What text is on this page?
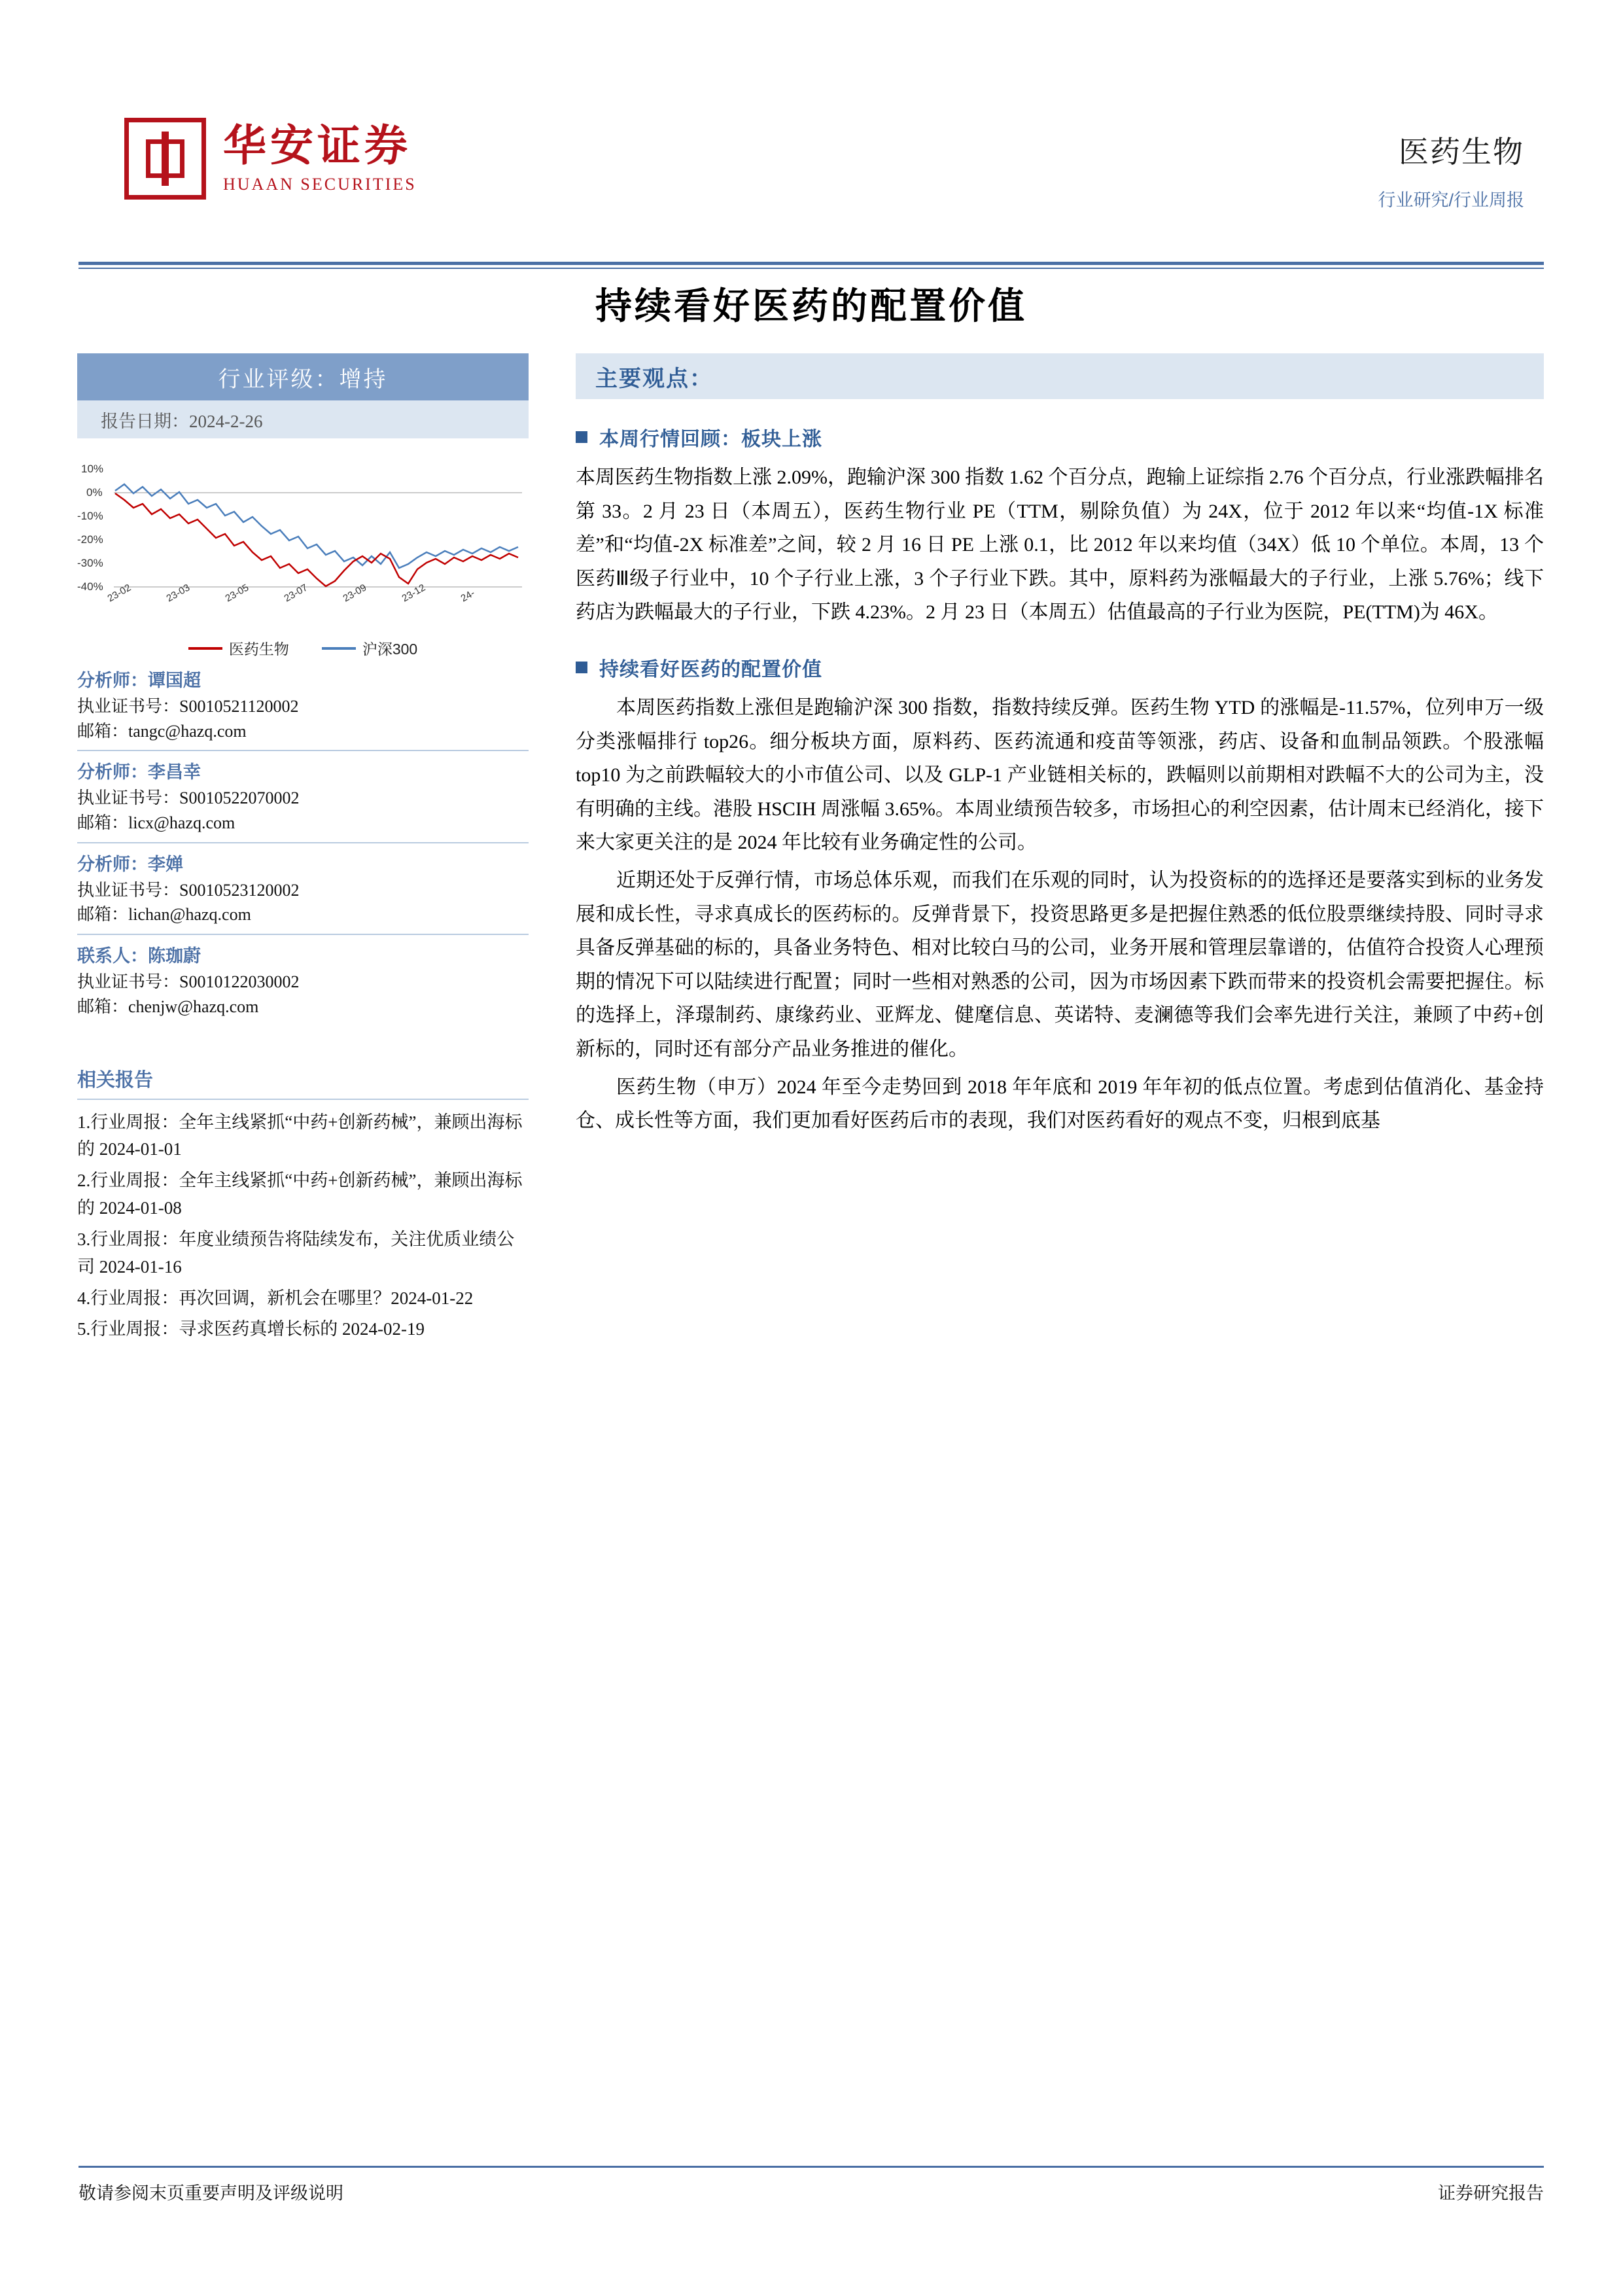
华安证券
HUAAN SECURITIES
医药生物
行业研究/行业周报
持续看好医药的配置价值
行业评级：增持
报告日期：2024-2-26
10%
0%
-10%
-20%
-30%
-40% 23-02	23-03	23-05	23-07	23-09	23-12	24-
医药生物	沪深300
分析师：谭国超
执业证书号：S0010521120002
邮箱：tangc@hazq.com
分析师：李昌幸
执业证书号：S0010522070002
邮箱：licx@hazq.com
分析师：李婵
执业证书号：S0010523120002
邮箱：lichan@hazq.com
联系人：陈珈蔚
执业证书号：S0010122030002
邮箱：chenjw@hazq.com
相关报告
1.行业周报：全年主线紧抓“中药+创新药械”，兼顾出海标的 2024-01-01
2.行业周报：全年主线紧抓“中药+创新药械”，兼顾出海标的 2024-01-08
3.行业周报：年度业绩预告将陆续发布，关注优质业绩公司 2024-01-16
4.行业周报：再次回调，新机会在哪里？2024-01-22
5.行业周报：寻求医药真增长标的 2024-02-19
主要观点：
本周行情回顾：板块上涨

本周医药生物指数上涨 2.09%，跑输沪深 300 指数 1.62 个百分点，跑输上证综指 2.76 个百分点，行业涨跌幅排名第 33。2 月 23 日（本周五），医药生物行业 PE（TTM，剔除负值）为 24X，位于 2012 年以来“均值-1X 标准差”和“均值-2X 标准差”之间，较 2 月 16 日 PE 上涨 0.1，比 2012 年以来均值（34X）低 10 个单位。本周，13 个医药Ⅲ级子行业中，10 个子行业上涨，3 个子行业下跌。其中，原料药为涨幅最大的子行业，上涨 5.76%；线下药店为跌幅最大的子行业，下跌 4.23%。2 月 23 日（本周五）估值最高的子行业为医院，PE(TTM)为 46X。

持续看好医药的配置价值

本周医药指数上涨但是跑输沪深 300 指数，指数持续反弹。医药生物 YTD 的涨幅是-11.57%，位列申万一级分类涨幅排行 top26。细分板块方面，原料药、医药流通和疫苗等领涨，药店、设备和血制品领跌。个股涨幅 top10 为之前跌幅较大的小市值公司、以及 GLP-1 产业链相关标的，跌幅则以前期相对跌幅不大的公司为主，没有明确的主线。港股 HSCIH 周涨幅 3.65%。本周业绩预告较多，市场担心的利空因素，估计周末已经消化，接下来大家更关注的是 2024 年比较有业务确定性的公司。

近期还处于反弹行情，市场总体乐观，而我们在乐观的同时，认为投资标的的选择还是要落实到标的业务发展和成长性，寻求真成长的医药标的。反弹背景下，投资思路更多是把握住熟悉的低位股票继续持股、同时寻求具备反弹基础的标的，具备业务特色、相对比较白马的公司，业务开展和管理层靠谱的，估值符合投资人心理预期的情况下可以陆续进行配置；同时一些相对熟悉的公司，因为市场因素下跌而带来的投资机会需要把握住。标的选择上，泽璟制药、康缘药业、亚辉龙、健麾信息、英诺特、麦澜德等我们会率先进行关注，兼顾了中药+创新标的，同时还有部分产品业务推进的催化。

医药生物（申万）2024 年至今走势回到 2018 年年底和 2019 年年初的低点位置。考虑到估值消化、基金持仓、成长性等方面，我们更加看好医药后市的表现，我们对医药看好的观点不变，归根到底基

敬请参阅末页重要声明及评级说明	证券研究报告
